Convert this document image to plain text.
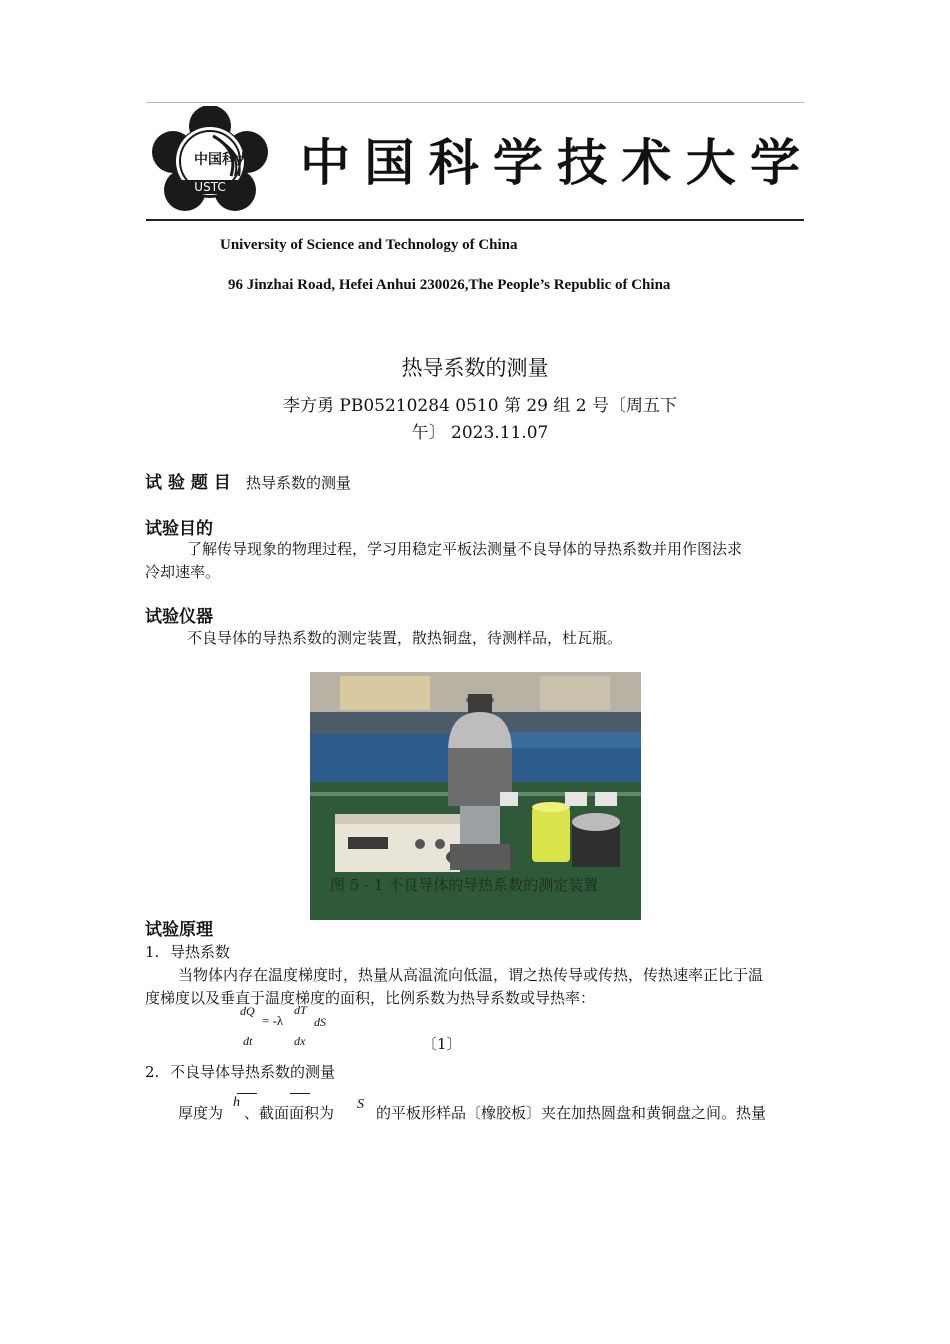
中国科大
USTC 中 国 科 学 技 术 大 学
University of Science and Technology of China
96 Jinzhai Road, Hefei Anhui 230026,The People’s Republic of China
热导系数的测量
李方勇 PB05210284 0510 第 29 组 2 号〔周五下
午〕 2023.11.07
试 验 题 目 热导系数的测量
试验目的
了解传导现象的物理过程，学习用稳定平板法测量不良导体的导热系数并用作图法求
冷却速率。
试验仪器
不良导体的导热系数的测定装置，散热铜盘，待测样品，杜瓦瓶。
图 5 - 1 不良导体的导热系数的测定装置
试验原理
1. 导热系数
当物体内存在温度梯度时，热量从高温流向低温，谓之热传导或传热，传热速率正比于温
度梯度以及垂直于温度梯度的面积，比例系数为热导系数或导热率：
dQ
dt
= -λ
dT
dS
dx	〔1〕
2. 不良导体导热系数的测量
厚度为
h
、截面面积为 S 的平板形样品〔橡胶板〕夹在加热圆盘和黄铜盘之间。热量
